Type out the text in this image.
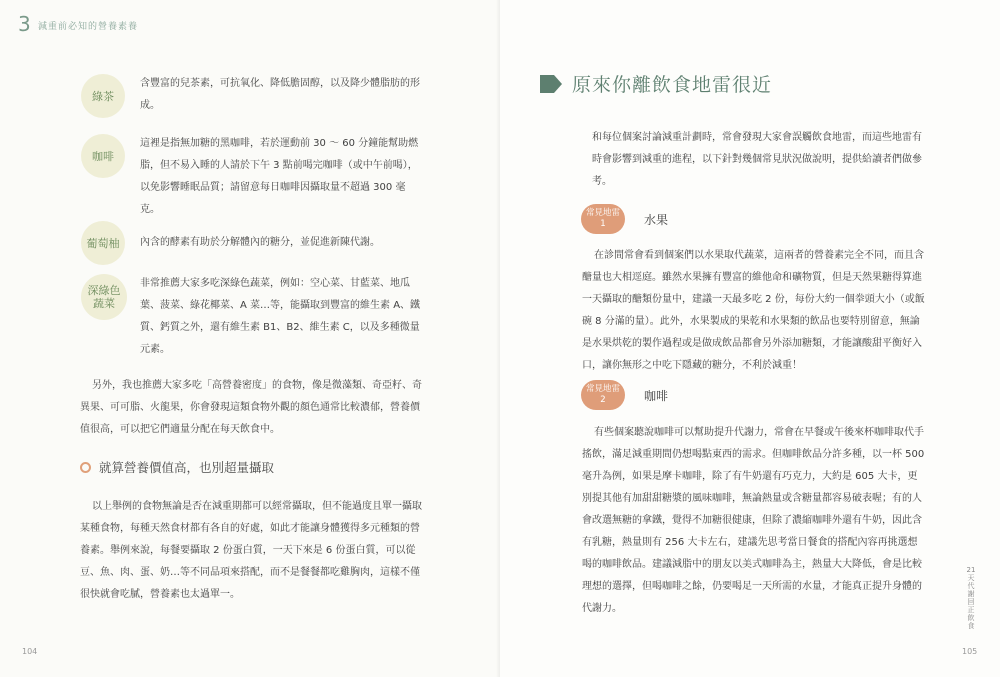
3 減重前必知的營養素養
綠茶
含豐富的兒茶素，可抗氧化、降低膽固醇，以及降少體脂肪的形成。
咖啡
這裡是指無加糖的黑咖啡，若於運動前 30 ～ 60 分鐘能幫助燃脂，但不易入睡的人請於下午 3 點前喝完咖啡（或中午前喝），以免影響睡眠品質；請留意每日咖啡因攝取量不超過 300 毫克。
葡萄柚	內含的酵素有助於分解體內的糖分，並促進新陳代謝。
深綠色蔬菜
非常推薦大家多吃深綠色蔬菜，例如：空心菜、甘藍菜、地瓜葉、菠菜、綠花椰菜、A 菜…等，能攝取到豐富的維生素 A、鐵質、鈣質之外，還有維生素 B1、B2、維生素 C，以及多種微量元素。
另外，我也推薦大家多吃「高營養密度」的食物，像是微藻類、奇亞籽、奇異果、可可脂、火龍果，你會發現這類食物外觀的顏色通常比較濃郁，營養價值很高，可以把它們適量分配在每天飲食中。
就算營養價值高，也別超量攝取
以上舉例的食物無論是否在減重期都可以經常攝取，但不能過度且單一攝取某種食物，每種天然食材都有各自的好處，如此才能讓身體獲得多元種類的營養素。舉例來說，每餐要攝取 2 份蛋白質，一天下來是 6 份蛋白質，可以從豆、魚、肉、蛋、奶…等不同品項來搭配，而不是餐餐都吃雞胸肉，這樣不僅很快就會吃膩，營養素也太過單一。
104
原來你離飲食地雷很近
和每位個案討論減重計劃時，常會發現大家會誤觸飲食地雷，而這些地雷有時會影響到減重的進程，以下針對幾個常見狀況做說明，提供給讀者們做參考。
常見地雷
1	水果
在診間常會看到個案們以水果取代蔬菜，這兩者的營養素完全不同，而且含醣量也大相逕庭。雖然水果擁有豐富的維他命和礦物質，但是天然果糖得算進一天攝取的醣類份量中，建議一天最多吃 2 份，每份大約一個拳頭大小（或飯碗 8 分滿的量）。此外，水果製成的果乾和水果類的飲品也要特別留意，無論是水果烘乾的製作過程或是做成飲品都會另外添加糖類，才能讓酸甜平衡好入口，讓你無形之中吃下隱藏的糖分，不利於減重！
常見地雷
2	咖啡
有些個案聽說咖啡可以幫助提升代謝力，常會在早餐或午後來杯咖啡取代手搖飲，滿足減重期間仍想喝點東西的需求。但咖啡飲品分許多種，以一杯 500 毫升為例，如果是摩卡咖啡，除了有牛奶還有巧克力，大約是 605 大卡，更別提其他有加甜甜糖漿的風味咖啡，無論熱量或含糖量都容易破表喔；有的人會改選無糖的拿鐵，覺得不加糖很健康，但除了濃縮咖啡外還有牛奶，因此含有乳糖，熱量則有 256 大卡左右，建議先思考當日餐食的搭配內容再挑選想喝的咖啡飲品。建議減脂中的朋友以美式咖啡為主，熱量大大降低，會是比較理想的選擇，但喝咖啡之餘，仍要喝足一天所需的水量，才能真正提升身體的代謝力。
21天代謝回正飲食
105
